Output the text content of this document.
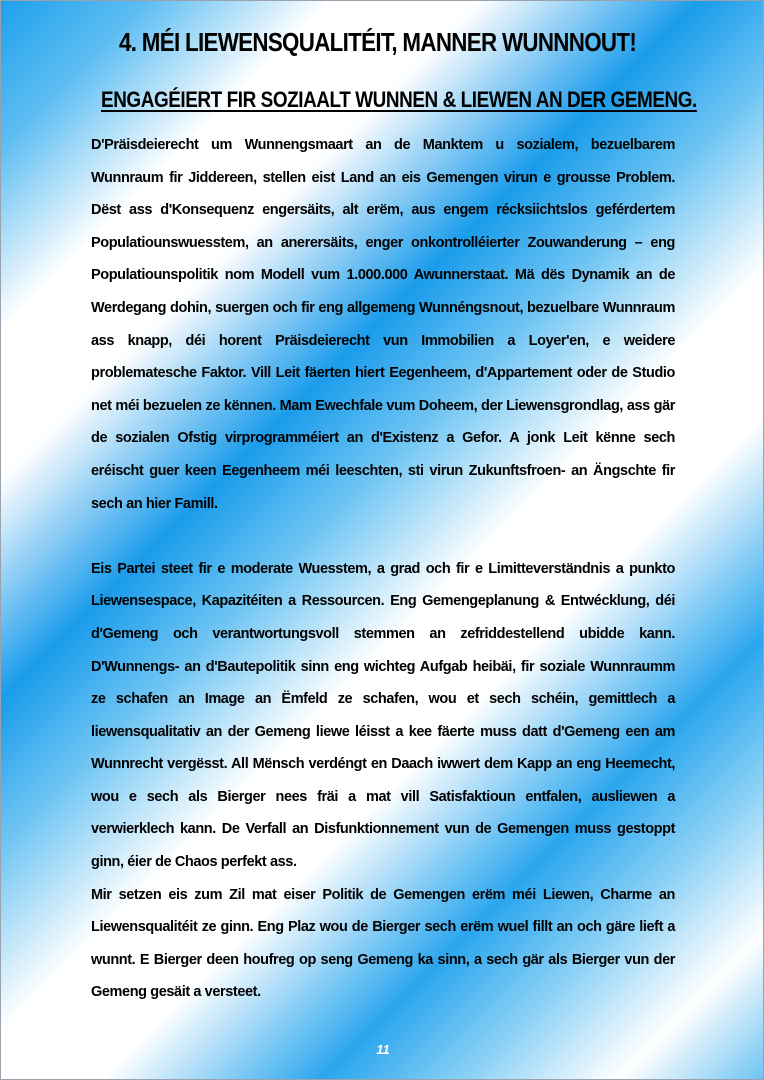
4. MÉI LIEWENSQUALITÉIT, MANNER WUNNNOUT!
ENGAGÉIERT FIR SOZIAALT WUNNEN & LIEWEN AN DER GEMENG.

D'Präisdeierecht um Wunnengsmaart an de Manktem u sozialem, bezuelbarem Wunnraum fir Jiddereen, stellen eist Land an eis Gemengen virun e grousse Problem. Dëst ass d'Konsequenz engersäits, alt erëm, aus engem récksiichtslos geférdertem Populatiounswuesstem, an anerersäits, enger onkontrolléierter Zouwanderung – eng Populatiounspolitik nom Modell vum 1.000.000 Awunnerstaat. Mä dës Dynamik an de Werdegang dohin, suergen och fir eng allgemeng Wunnéngsnout, bezuelbare Wunnraum ass knapp, déi horent Präisdeierecht vun Immobilien a Loyer'en, e weidere problematesche Faktor. Vill Leit fäerten hiert Eegenheem, d'Appartement oder de Studio net méi bezuelen ze kënnen. Mam Ewechfale vum Doheem, der Liewensgrondlag, ass gär de sozialen Ofstig virprogramméiert an d'Existenz a Gefor. A jonk Leit kënne sech eréischt guer keen Eegenheem méi leeschten, sti virun Zukunftsfroen- an Ängschte fir sech an hier Famill.

Eis Partei steet fir e moderate Wuesstem, a grad och fir e Limitteverständnis a punkto Liewensespace, Kapazitéiten a Ressourcen. Eng Gemengeplanung & Entwécklung, déi d'Gemeng och verantwortungsvoll stemmen an zefriddestellend ubidde kann. D'Wunnengs- an d'Bautepolitik sinn eng wichteg Aufgab heibäi, fir soziale Wunnraumm ze schafen an Image an Ëmfeld ze schafen, wou et sech schéin, gemittlech a liewensqualitativ an der Gemeng liewe léisst a kee fäerte muss datt d'Gemeng een am Wunnrecht vergësst. All Mënsch verdéngt en Daach iwwert dem Kapp an eng Heemecht, wou e sech als Bierger nees fräi a mat vill Satisfaktioun entfalen, ausliewen a verwierklech kann. De Verfall an Disfunktionnement vun de Gemengen muss gestoppt ginn, éier de Chaos perfekt ass.

Mir setzen eis zum Zil mat eiser Politik de Gemengen erëm méi Liewen, Charme an Liewensqualitéit ze ginn. Eng Plaz wou de Bierger sech erëm wuel fillt an och gäre lieft a wunnt. E Bierger deen houfreg op seng Gemeng ka sinn, a sech gär als Bierger vun der Gemeng gesäit a versteet.

11
